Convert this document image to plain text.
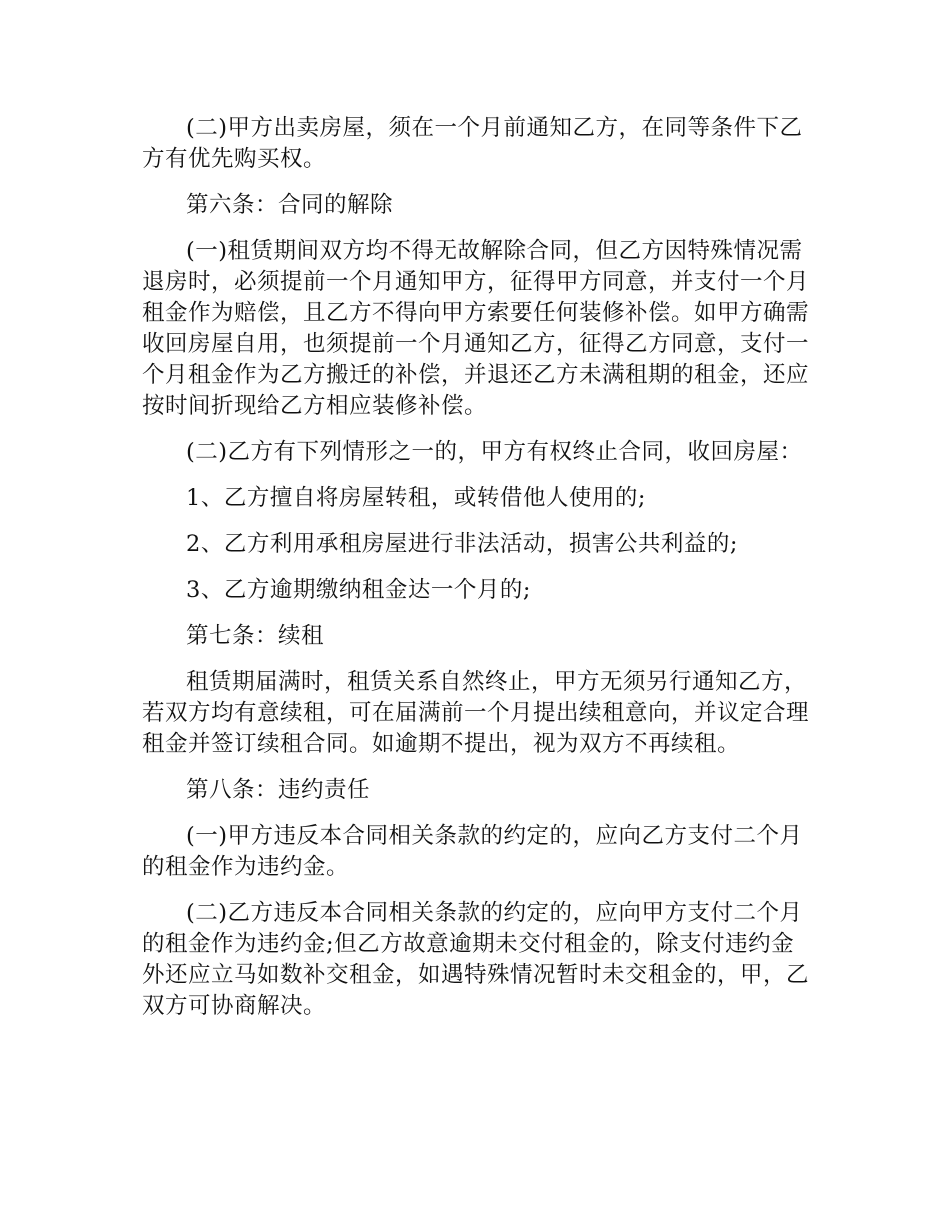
(二)甲方出卖房屋，须在一个月前通知乙方，在同等条件下乙方有优先购买权。

第六条：合同的解除

(一)租赁期间双方均不得无故解除合同，但乙方因特殊情况需退房时，必须提前一个月通知甲方，征得甲方同意，并支付一个月租金作为赔偿，且乙方不得向甲方索要任何装修补偿。如甲方确需收回房屋自用，也须提前一个月通知乙方，征得乙方同意，支付一个月租金作为乙方搬迁的补偿，并退还乙方未满租期的租金，还应按时间折现给乙方相应装修补偿。

(二)乙方有下列情形之一的，甲方有权终止合同，收回房屋：

1、乙方擅自将房屋转租，或转借他人使用的;

2、乙方利用承租房屋进行非法活动，损害公共利益的;

3、乙方逾期缴纳租金达一个月的;

第七条：续租

租赁期届满时，租赁关系自然终止，甲方无须另行通知乙方，若双方均有意续租，可在届满前一个月提出续租意向，并议定合理租金并签订续租合同。如逾期不提出，视为双方不再续租。

第八条：违约责任

(一)甲方违反本合同相关条款的约定的，应向乙方支付二个月的租金作为违约金。

(二)乙方违反本合同相关条款的约定的，应向甲方支付二个月的租金作为违约金;但乙方故意逾期未交付租金的，除支付违约金外还应立马如数补交租金，如遇特殊情况暂时未交租金的，甲，乙双方可协商解决。
